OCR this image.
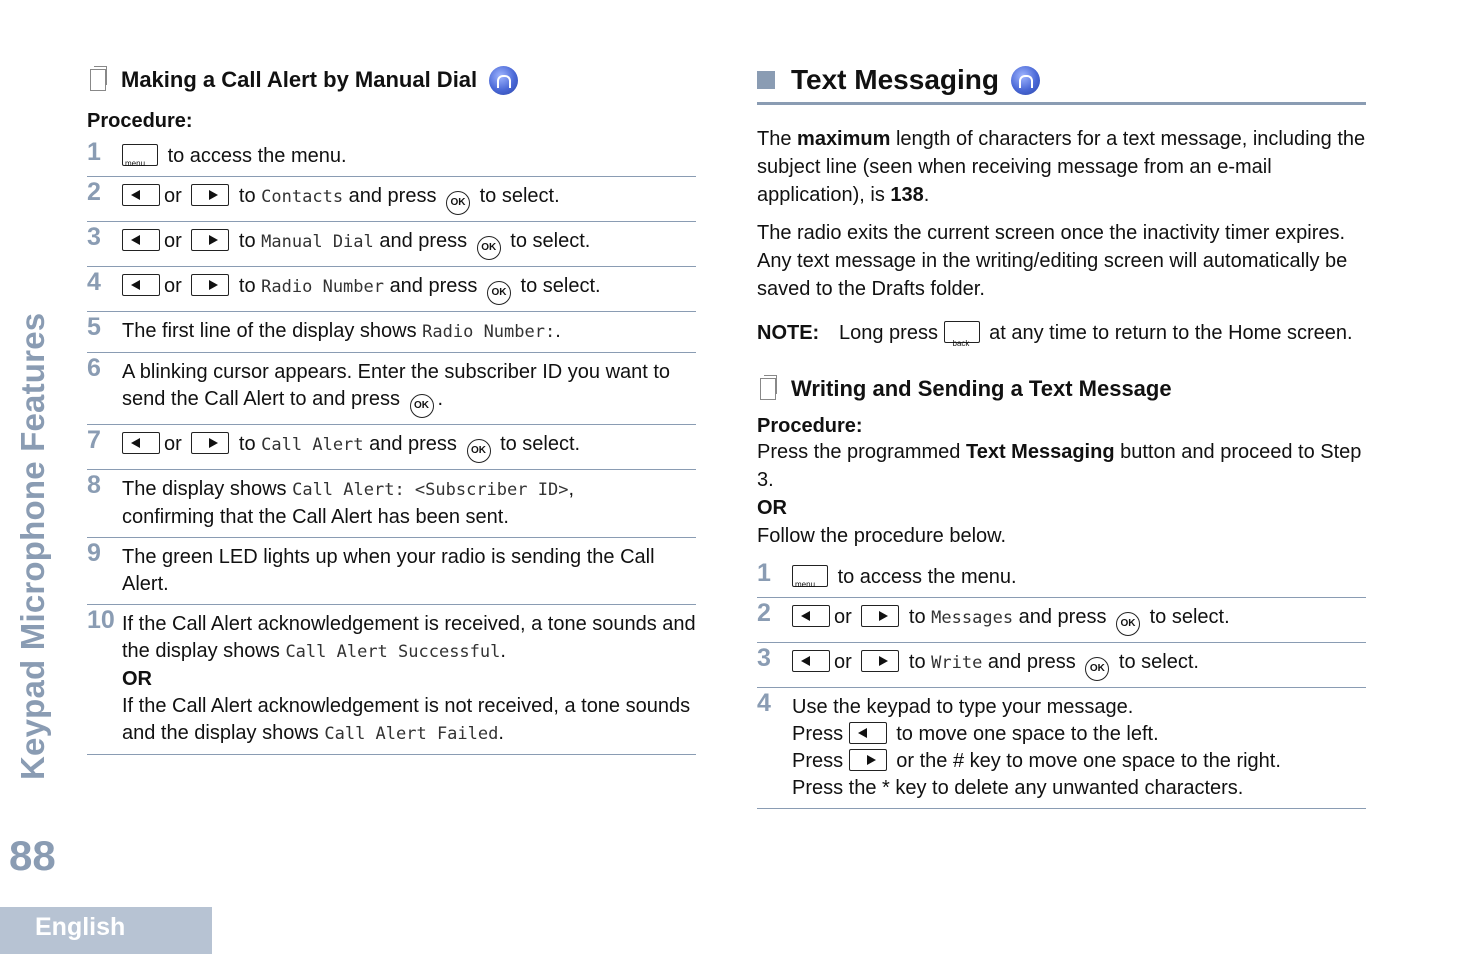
Keypad Microphone Features
88
English
Making a Call Alert by Manual Dial
Procedure:
1 menu	to access the menu.
2	or	to Contacts and press OK to select.
3	or	to Manual Dial and press OK to select.
4	or	to Radio Number and press OK to select.
5	The first line of the display shows Radio Number:.
6	A blinking cursor appears. Enter the subscriber ID you want to send the Call Alert to and press OK .
7	or	to Call Alert and press OK to select.
8	The display shows Call Alert: <Subscriber ID>,
confirming that the Call Alert has been sent.
9	The green LED lights up when your radio is sending the Call Alert.
10 If the Call Alert acknowledgement is received, a tone sounds and the display shows Call Alert Successful.
OR
If the Call Alert acknowledgement is not received, a tone sounds and the display shows Call Alert Failed.
Text Messaging

The maximum length of characters for a text message, including the subject line (seen when receiving message from an e-mail application), is 138.

The radio exits the current screen once the inactivity timer expires. Any text message in the writing/editing screen will automatically be saved to the Drafts folder.

NOTE: Long press back	at any time to return to the Home screen.
Writing and Sending a Text Message
Procedure:

Press the programmed Text Messaging button and proceed to Step 3.

OR

Follow the procedure below.

1 menu	to access the menu.
2	or	to Messages and press OK to select.
3	or	to Write and press OK to select.
4	Use the keypad to type your message.
Press	to move one space to the left.
Press	or the # key to move one space to the right.
Press the * key to delete any unwanted characters.
